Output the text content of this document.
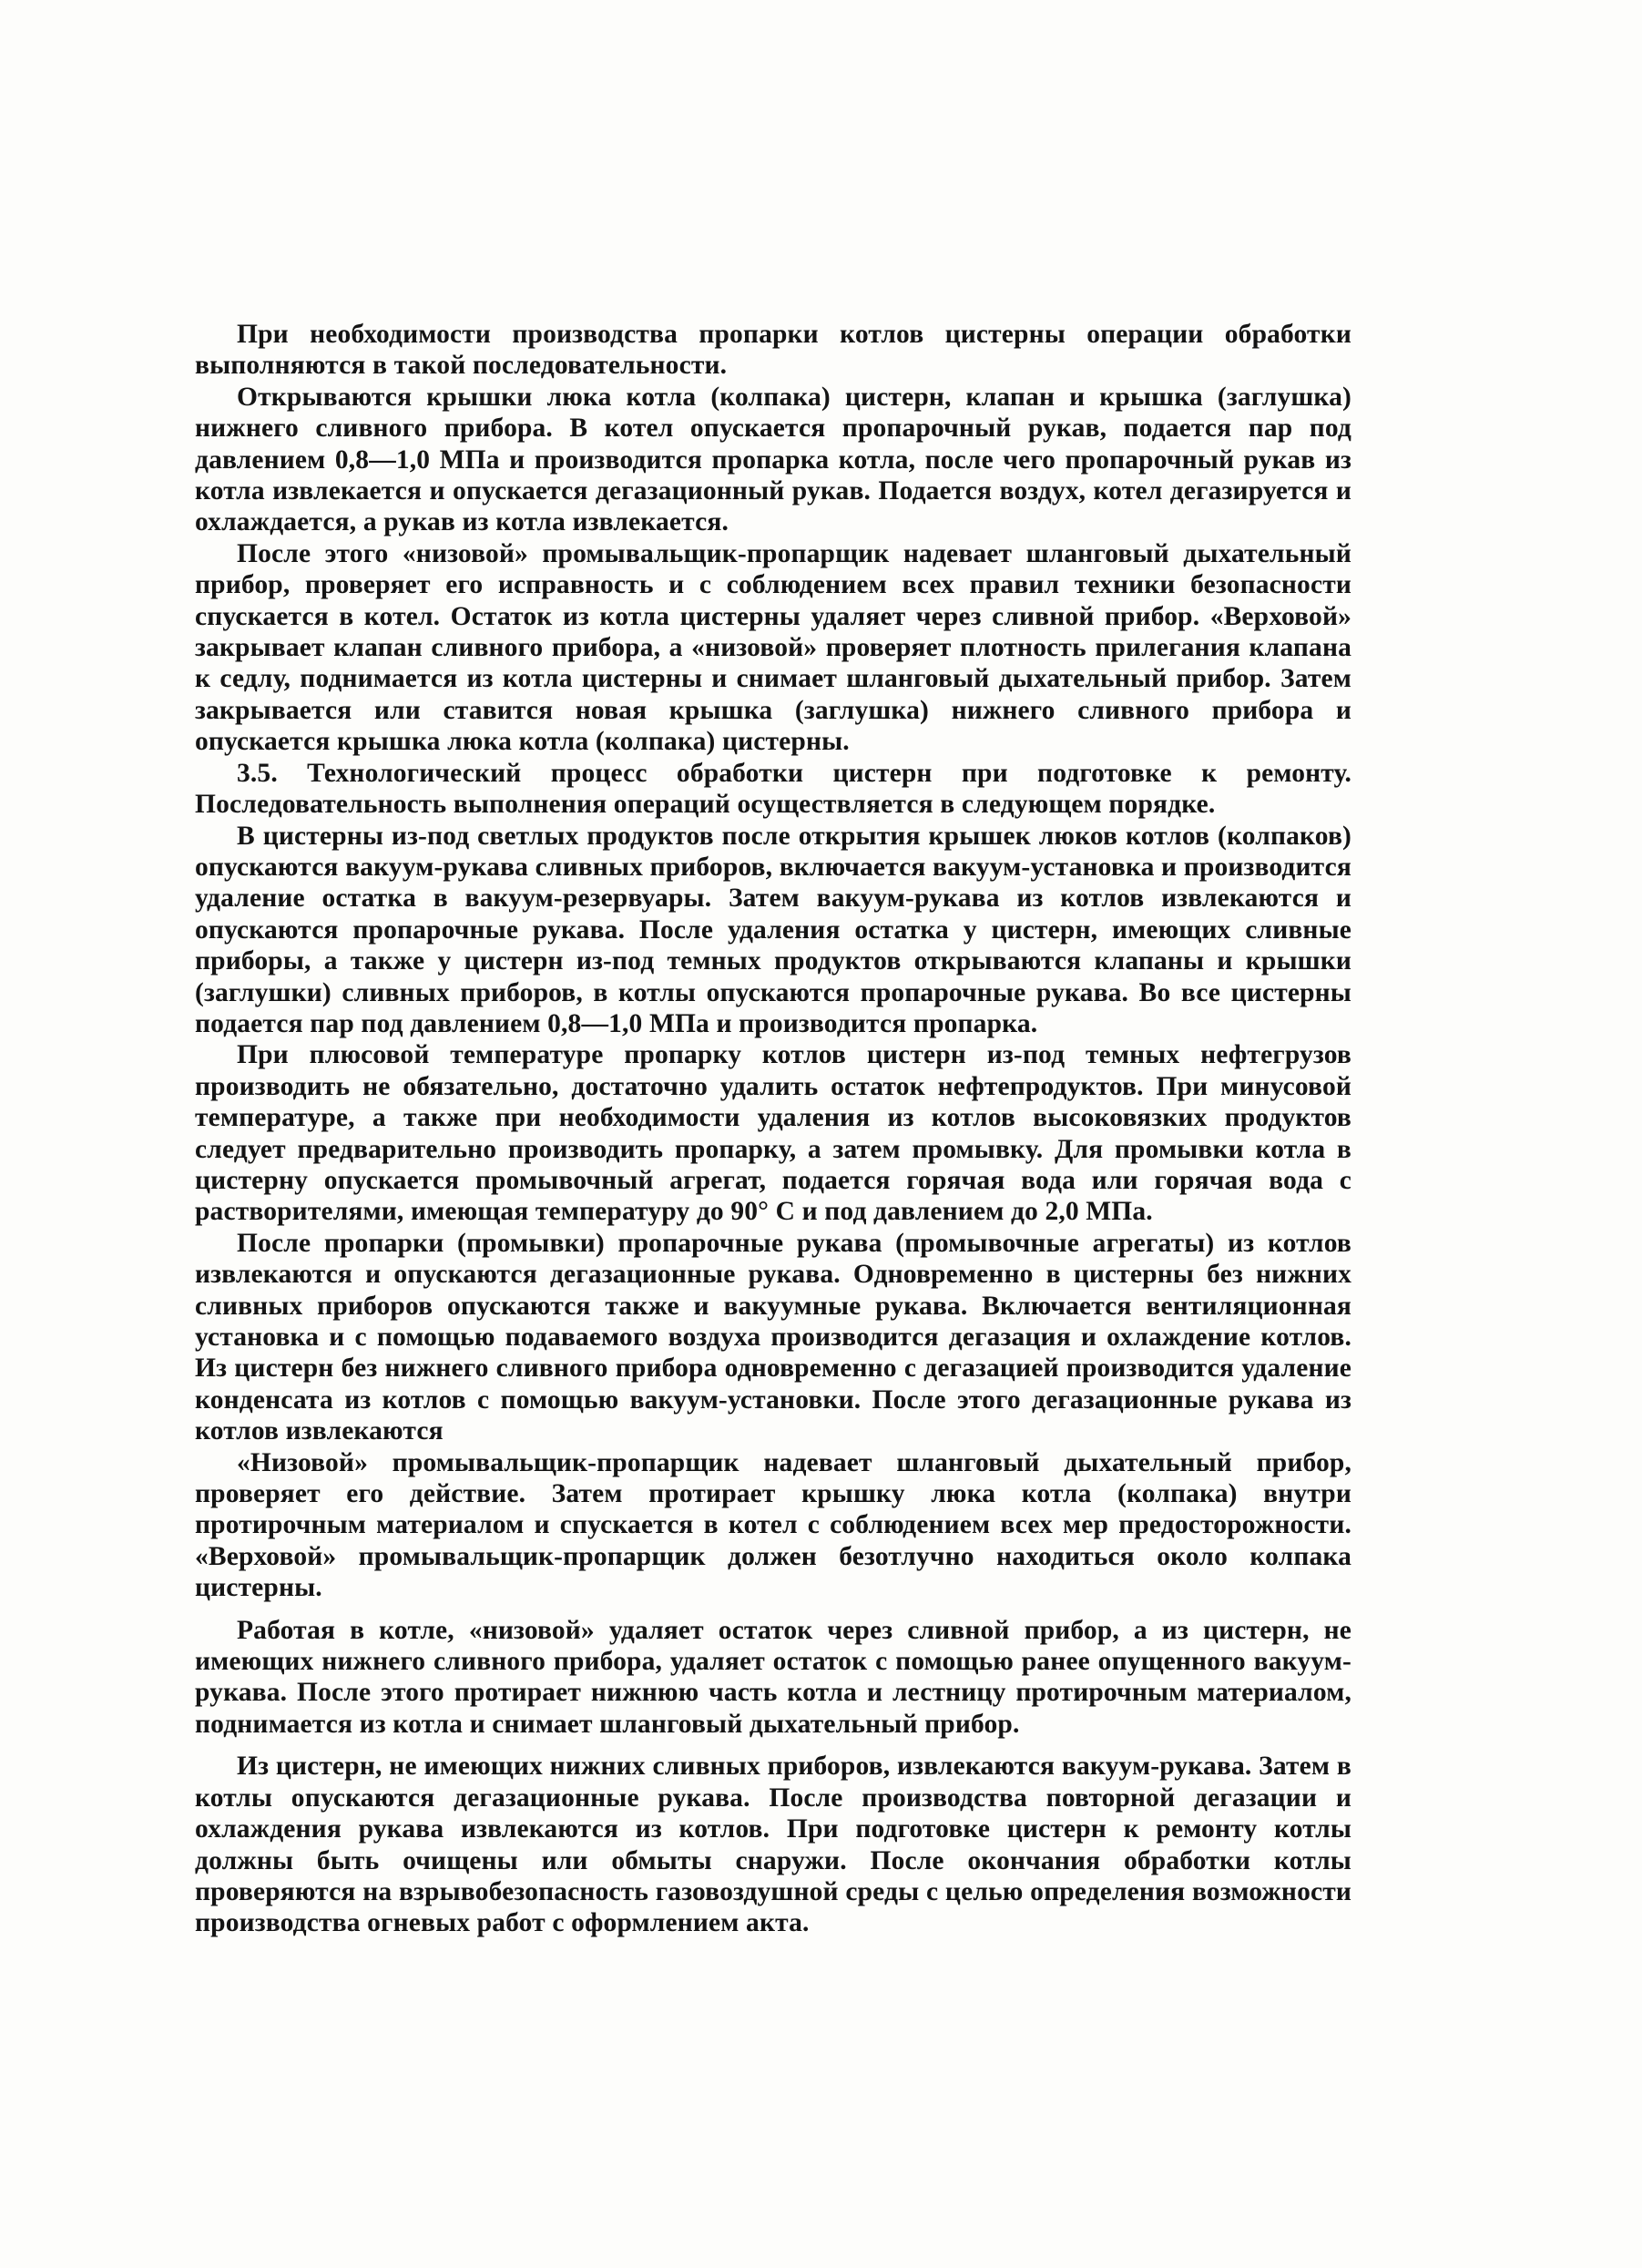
При необходимости производства пропарки котлов цистерны операции обработки выполняются в такой последовательности.

Открываются крышки люка котла (колпака) цистерн, клапан и крышка (заглушка) нижнего сливного прибора. В котел опускается пропарочный рукав, подается пар под давлением 0,8—1,0 МПа и производится пропарка котла, после чего пропарочный рукав из котла извлекается и опускается дегазационный рукав. Подается воздух, котел дегазируется и охлаждается, а рукав из котла извлекается.

После этого «низовой» промывальщик-пропарщик надевает шланговый дыхательный прибор, проверяет его исправность и с соблюдением всех правил техники безопасности спускается в котел. Остаток из котла цистерны удаляет через сливной прибор. «Верховой» закрывает клапан сливного прибора, а «низовой» проверяет плотность прилегания клапана к седлу, поднимается из котла цистерны и снимает шланговый дыхательный прибор. Затем закрывается или ставится новая крышка (заглушка) нижнего сливного прибора и опускается крышка люка котла (колпака) цистерны.

3.5. Технологический процесс обработки цистерн при подготовке к ремонту. Последовательность выполнения операций осуществляется в следующем порядке.

В цистерны из-под светлых продуктов после открытия крышек люков котлов (колпаков) опускаются вакуум-рукава сливных приборов, включается вакуум-установка и производится удаление остатка в вакуум-резервуары. Затем вакуум-рукава из котлов извлекаются и опускаются пропарочные рукава. После удаления остатка у цистерн, имеющих сливные приборы, а также у цистерн из-под темных продуктов открываются клапаны и крышки (заглушки) сливных приборов, в котлы опускаются пропарочные рукава. Во все цистерны подается пар под давлением 0,8—1,0 МПа и производится пропарка.

При плюсовой температуре пропарку котлов цистерн из-под темных нефтегрузов производить не обязательно, достаточно удалить остаток нефтепродуктов. При минусовой температуре, а также при необходимости удаления из котлов высоковязких продуктов следует предварительно производить пропарку, а затем промывку. Для промывки котла в цистерну опускается промывочный агрегат, подается горячая вода или горячая вода с растворителями, имеющая температуру до 90° С и под давлением до 2,0 МПа.

После пропарки (промывки) пропарочные рукава (промывочные агрегаты) из котлов извлекаются и опускаются дегазационные рукава. Одновременно в цистерны без нижних сливных приборов опускаются также и вакуумные рукава. Включается вентиляционная установка и с помощью подаваемого воздуха производится дегазация и охлаждение котлов. Из цистерн без нижнего сливного прибора одновременно с дегазацией производится удаление конденсата из котлов с помощью вакуум-установки. После этого дегазационные рукава из котлов извлекаются

«Низовой» промывальщик-пропарщик надевает шланговый дыхательный прибор, проверяет его действие. Затем протирает крышку люка котла (колпака) внутри протирочным материалом и спускается в котел с соблюдением всех мер предосторожности. «Верховой» промывальщик-пропарщик должен безотлучно находиться около колпака цистерны.

Работая в котле, «низовой» удаляет остаток через сливной прибор, а из цистерн, не имеющих нижнего сливного прибора, удаляет остаток с помощью ранее опущенного вакуум-рукава. После этого протирает нижнюю часть котла и лестницу протирочным материалом, поднимается из котла и снимает шланговый дыхательный прибор.

Из цистерн, не имеющих нижних сливных приборов, извлекаются вакуум-рукава. Затем в котлы опускаются дегазационные рукава. После производства повторной дегазации и охлаждения рукава извлекаются из котлов. При подготовке цистерн к ремонту котлы должны быть очищены или обмыты снаружи. После окончания обработки котлы проверяются на взрывобезопасность газовоздушной среды с целью определения возможности производства огневых работ с оформлением акта.
